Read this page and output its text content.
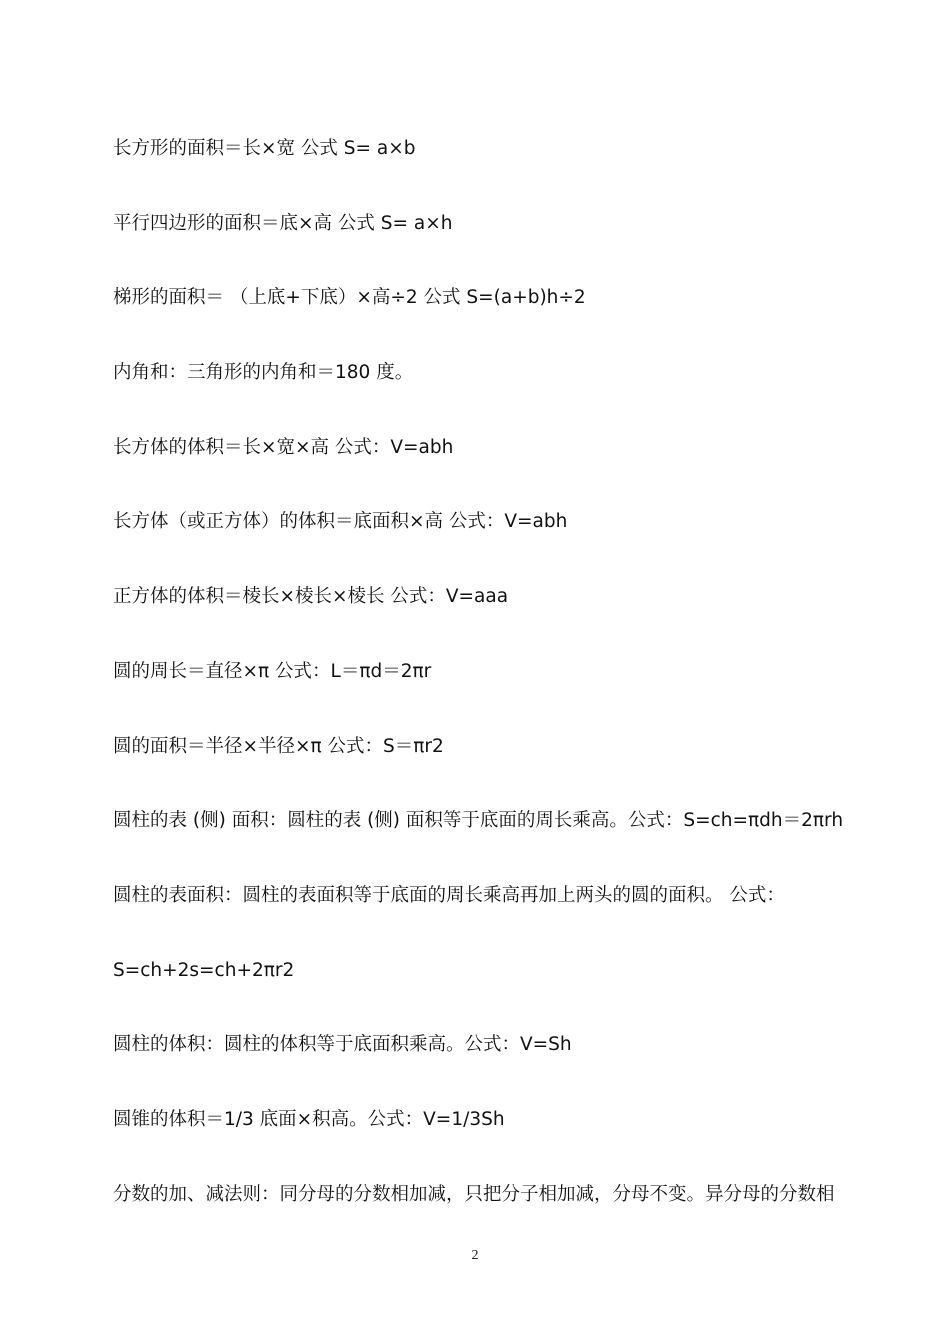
长方形的面积＝长×宽 公式 S= a×b
平行四边形的面积＝底×高 公式 S= a×h
梯形的面积＝ （上底+下底）×高÷2 公式 S=(a+b)h÷2
内角和：三角形的内角和＝180 度。
长方体的体积＝长×宽×高 公式：V=abh
长方体（或正方体）的体积＝底面积×高 公式：V=abh
正方体的体积＝棱长×棱长×棱长 公式：V=aaa
圆的周长＝直径×π 公式：L＝πd＝2πr
圆的面积＝半径×半径×π 公式：S＝πr2
圆柱的表 (侧) 面积：圆柱的表 (侧) 面积等于底面的周长乘高。公式：S=ch=πdh＝2πrh
圆柱的表面积：圆柱的表面积等于底面的周长乘高再加上两头的圆的面积。 公式：
S=ch+2s=ch+2πr2
圆柱的体积：圆柱的体积等于底面积乘高。公式：V=Sh
圆锥的体积＝1/3 底面×积高。公式：V=1/3Sh
分数的加、减法则：同分母的分数相加减，只把分子相加减，分母不变。异分母的分数相
2
